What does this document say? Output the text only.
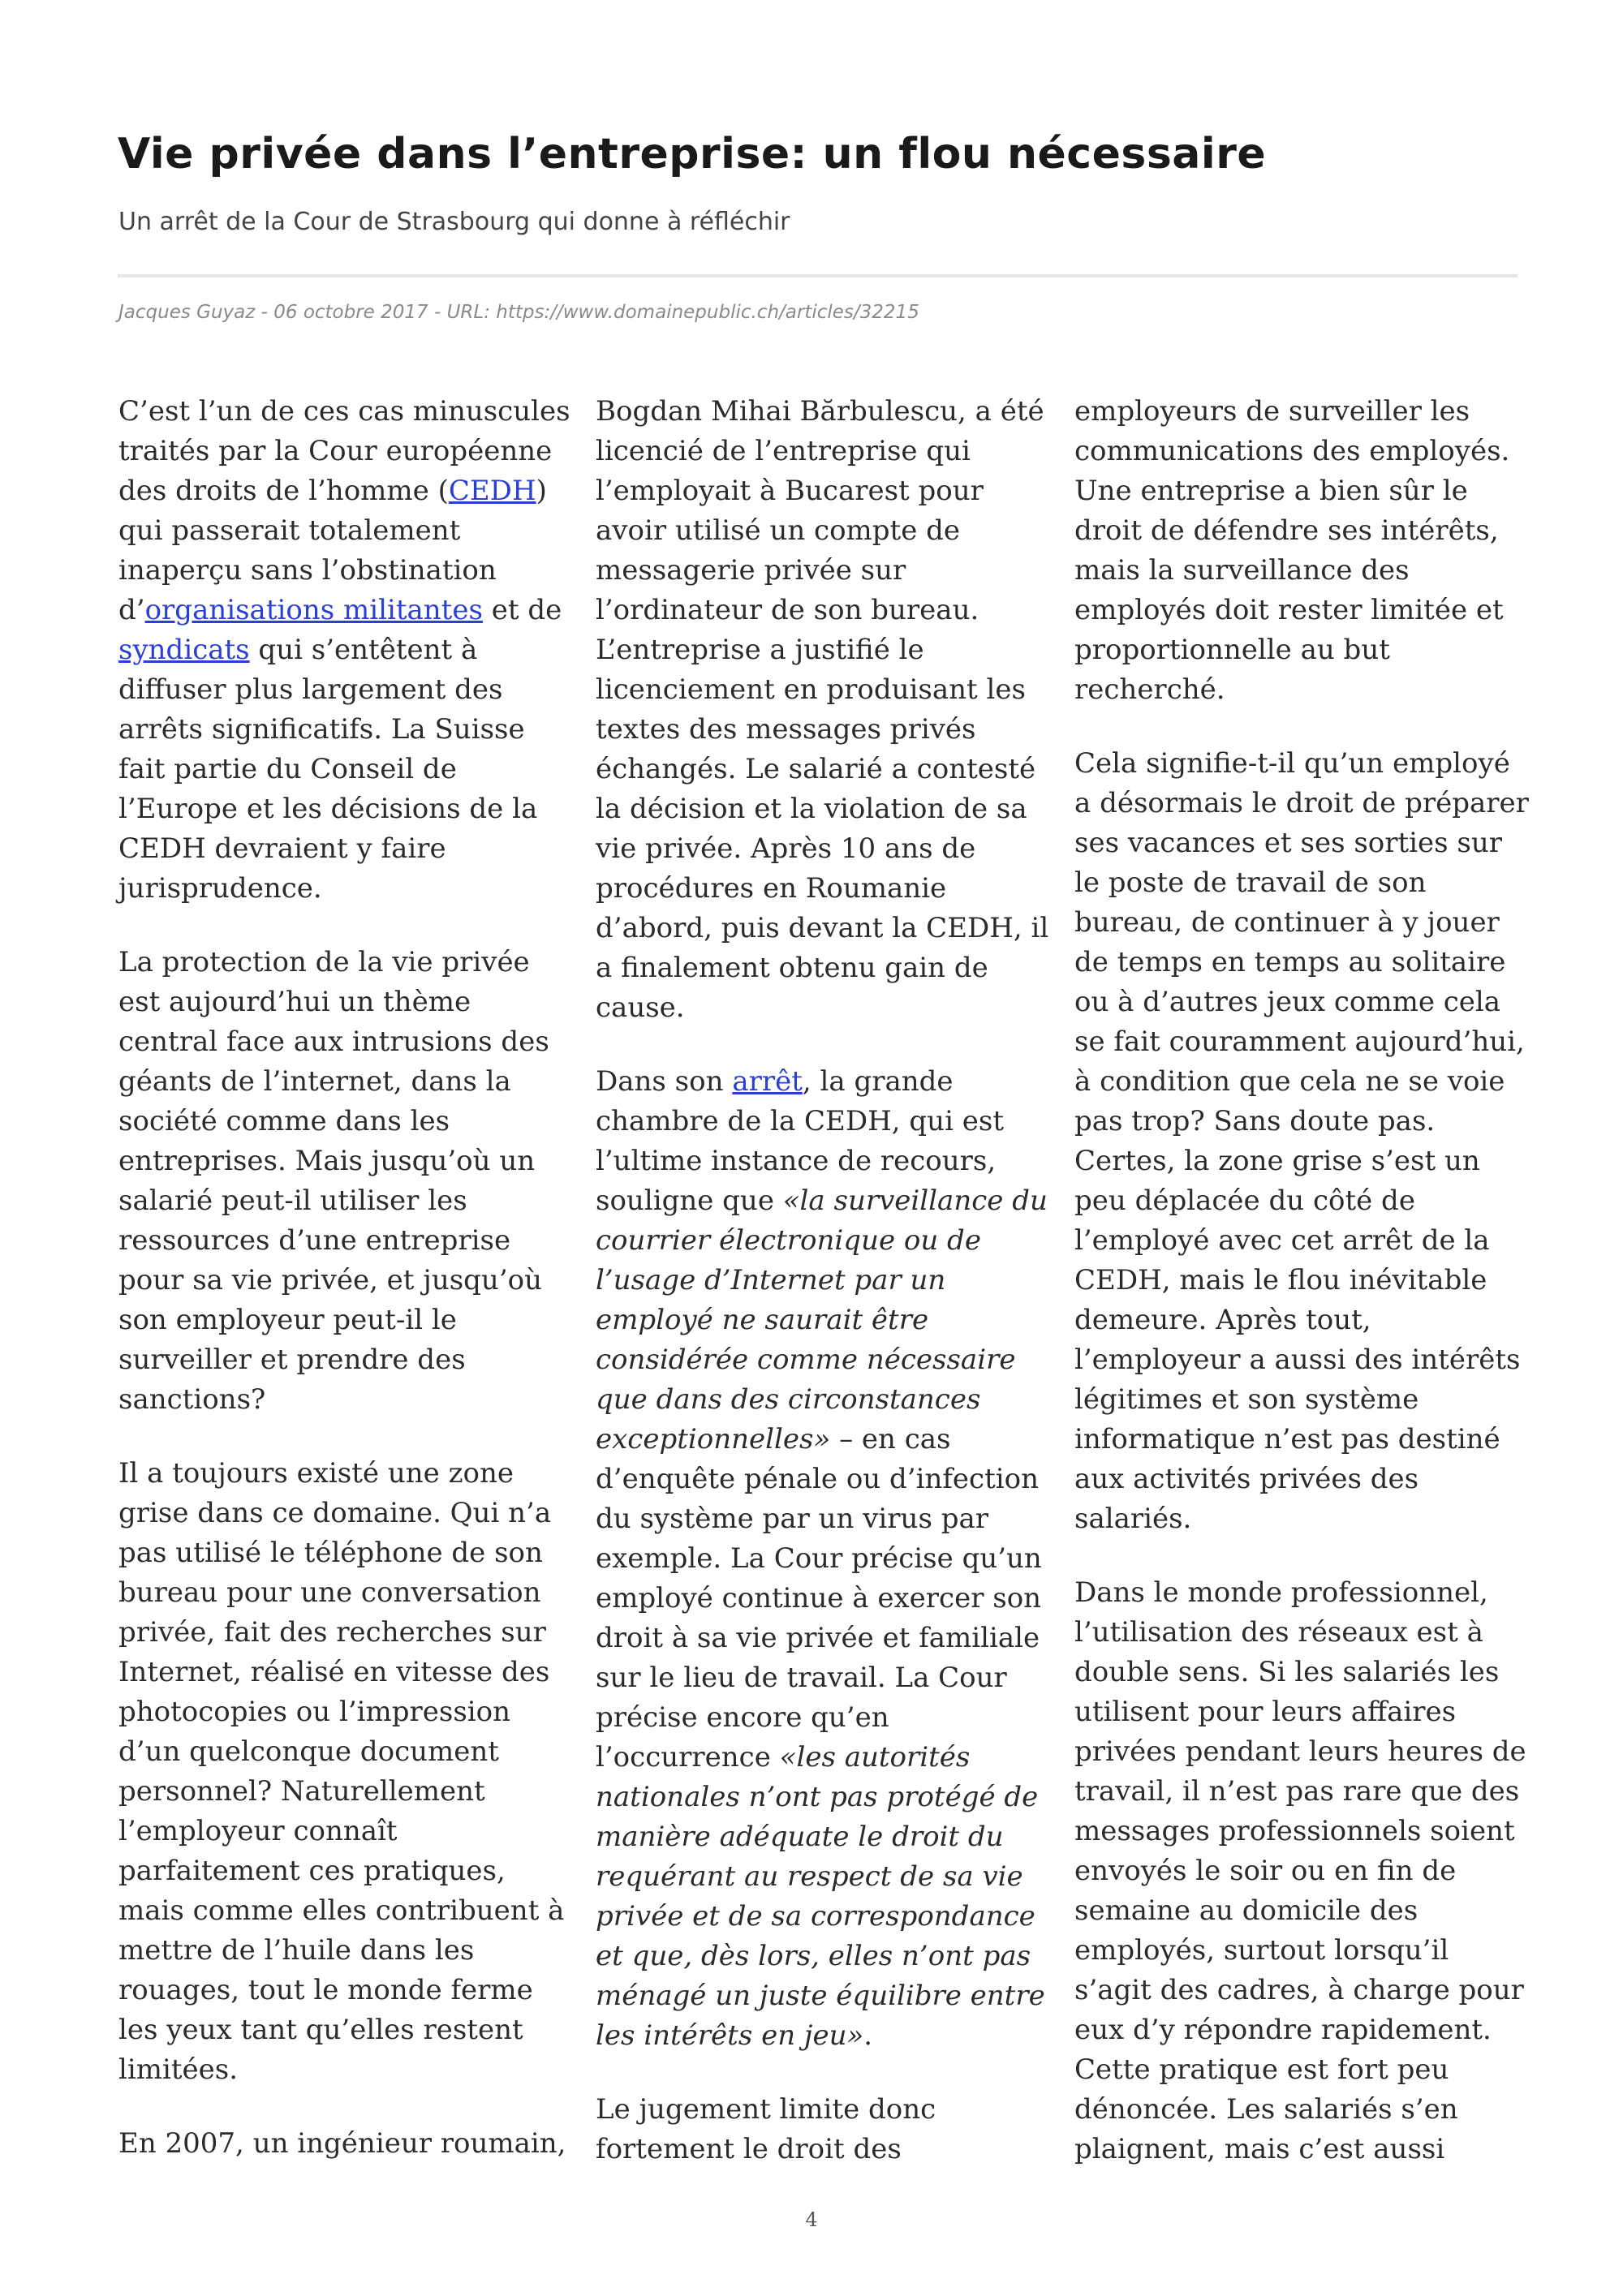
Vie privée dans l’entreprise: un flou nécessaire
Un arrêt de la Cour de Strasbourg qui donne à réfléchir
Jacques Guyaz - 06 octobre 2017 - URL: https://www.domainepublic.ch/articles/32215

C’est l’un de ces cas minuscules traités par la Cour européenne des droits de l’homme (CEDH) qui passerait totalement inaperçu sans l’obstination d’organisations militantes et de syndicats qui s’entêtent à diffuser plus largement des arrêts significatifs. La Suisse fait partie du Conseil de l’Europe et les décisions de la CEDH devraient y faire jurisprudence.

La protection de la vie privée est aujourd’hui un thème central face aux intrusions des géants de l’internet, dans la société comme dans les entreprises. Mais jusqu’où un salarié peut-il utiliser les ressources d’une entreprise pour sa vie privée, et jusqu’où son employeur peut-il le surveiller et prendre des sanctions?

Il a toujours existé une zone grise dans ce domaine. Qui n’a pas utilisé le téléphone de son bureau pour une conversation privée, fait des recherches sur Internet, réalisé en vitesse des photocopies ou l’impression d’un quelconque document personnel? Naturellement l’employeur connaît parfaitement ces pratiques, mais comme elles contribuent à mettre de l’huile dans les rouages, tout le monde ferme les yeux tant qu’elles restent limitées.

En 2007, un ingénieur roumain,

Bogdan Mihai Bărbulescu, a été licencié de l’entreprise qui l’employait à Bucarest pour avoir utilisé un compte de messagerie privée sur l’ordinateur de son bureau. L’entreprise a justifié le licenciement en produisant les textes des messages privés échangés. Le salarié a contesté la décision et la violation de sa vie privée. Après 10 ans de procédures en Roumanie d’abord, puis devant la CEDH, il a finalement obtenu gain de cause.

Dans son arrêt, la grande chambre de la CEDH, qui est l’ultime instance de recours, souligne que «la surveillance du courrier électronique ou de l’usage d’Internet par un employé ne saurait être considérée comme nécessaire que dans des circonstances exceptionnelles» – en cas d’enquête pénale ou d’infection du système par un virus par exemple. La Cour précise qu’un employé continue à exercer son droit à sa vie privée et familiale sur le lieu de travail. La Cour précise encore qu’en l’occurrence «les autorités nationales n’ont pas protégé de manière adéquate le droit du requérant au respect de sa vie privée et de sa correspondance et que, dès lors, elles n’ont pas ménagé un juste équilibre entre les intérêts en jeu».

Le jugement limite donc fortement le droit des

employeurs de surveiller les communications des employés. Une entreprise a bien sûr le droit de défendre ses intérêts, mais la surveillance des employés doit rester limitée et proportionnelle au but recherché.

Cela signifie-t-il qu’un employé a désormais le droit de préparer ses vacances et ses sorties sur le poste de travail de son bureau, de continuer à y jouer de temps en temps au solitaire ou à d’autres jeux comme cela se fait couramment aujourd’hui, à condition que cela ne se voie pas trop? Sans doute pas. Certes, la zone grise s’est un peu déplacée du côté de l’employé avec cet arrêt de la CEDH, mais le flou inévitable demeure. Après tout, l’employeur a aussi des intérêts légitimes et son système informatique n’est pas destiné aux activités privées des salariés.

Dans le monde professionnel, l’utilisation des réseaux est à double sens. Si les salariés les utilisent pour leurs affaires privées pendant leurs heures de travail, il n’est pas rare que des messages professionnels soient envoyés le soir ou en fin de semaine au domicile des employés, surtout lorsqu’il s’agit des cadres, à charge pour eux d’y répondre rapidement. Cette pratique est fort peu dénoncée. Les salariés s’en plaignent, mais c’est aussi

4
